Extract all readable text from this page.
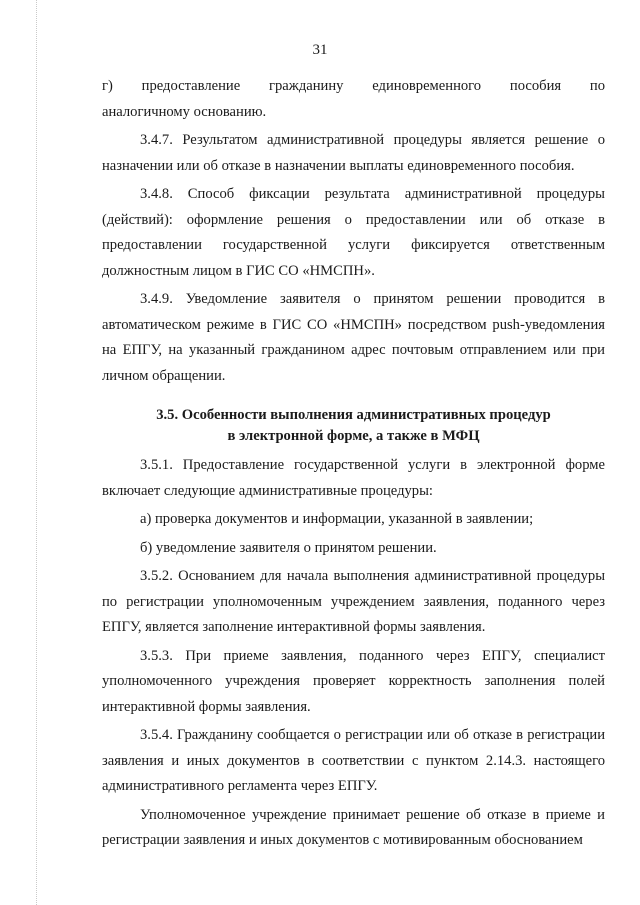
31

г)     предоставление     гражданину     единовременного     пособия     по аналогичному основанию.

3.4.7. Результатом административной процедуры является решение о назначении или об отказе в назначении выплаты единовременного пособия.

3.4.8. Способ фиксации результата административной процедуры (действий): оформление решения о предоставлении или об отказе в предоставлении государственной услуги фиксируется ответственным должностным лицом в ГИС СО «НМСПН».

3.4.9. Уведомление заявителя о принятом решении проводится в автоматическом режиме в ГИС СО «НМСПН» посредством push-уведомления на ЕПГУ, на указанный гражданином адрес почтовым отправлением или при личном обращении.

3.5. Особенности выполнения административных процедур
в электронной форме, а также в МФЦ

3.5.1. Предоставление государственной услуги в электронной форме включает следующие административные процедуры:

а) проверка документов и информации, указанной в заявлении;

б) уведомление заявителя о принятом решении.

3.5.2. Основанием для начала выполнения административной процедуры по регистрации уполномоченным учреждением заявления, поданного через ЕПГУ, является заполнение интерактивной формы заявления.

3.5.3. При приеме заявления, поданного через ЕПГУ, специалист уполномоченного учреждения проверяет корректность заполнения полей интерактивной формы заявления.

3.5.4. Гражданину сообщается о регистрации или об отказе в регистрации заявления и иных документов в соответствии с пунктом 2.14.3. настоящего административного регламента через ЕПГУ.

Уполномоченное учреждение принимает решение об отказе в приеме и регистрации заявления и иных документов с мотивированным обоснованием
